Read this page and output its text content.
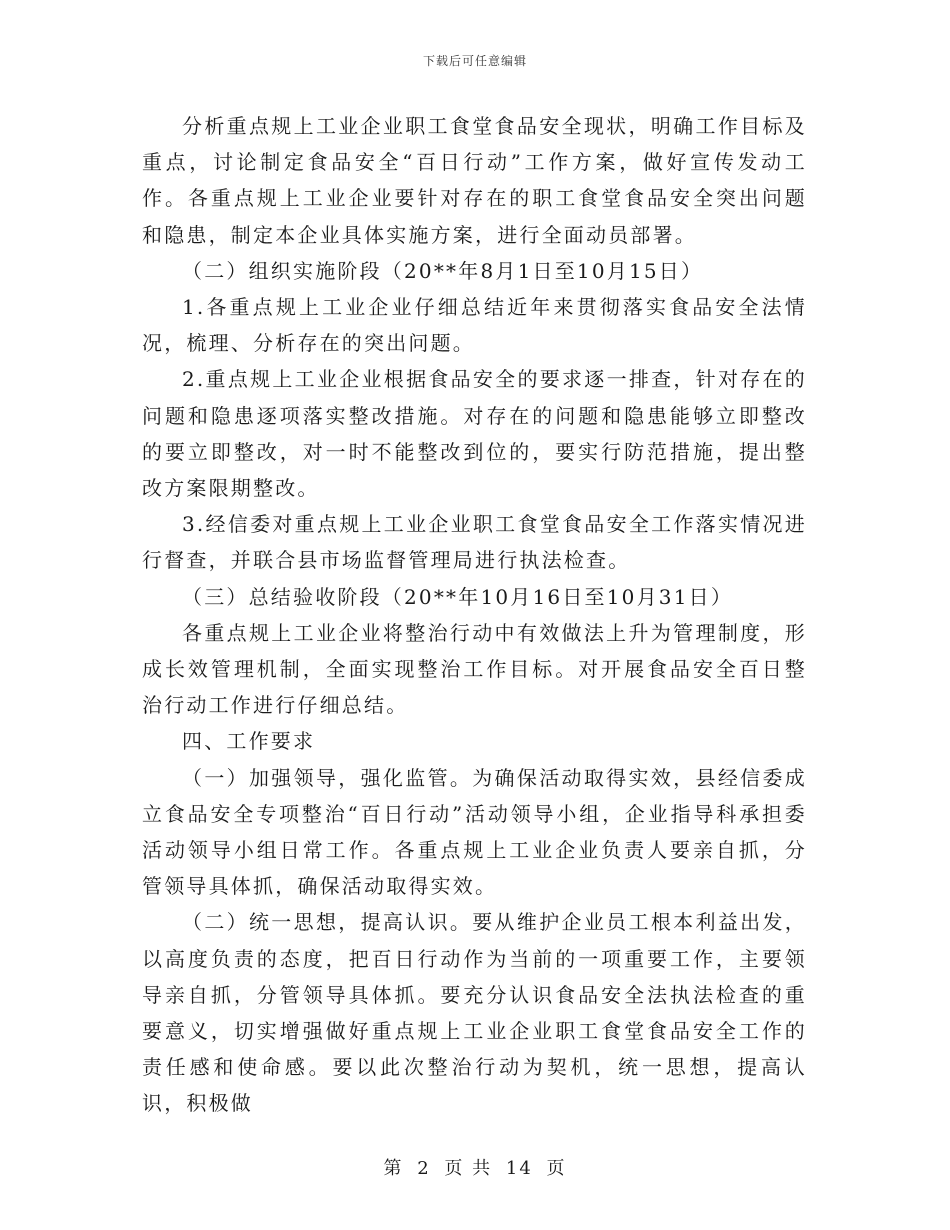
下载后可任意编辑

分析重点规上工业企业职工食堂食品安全现状，明确工作目标及重点，讨论制定食品安全“百日行动”工作方案，做好宣传发动工作。各重点规上工业企业要针对存在的职工食堂食品安全突出问题和隐患，制定本企业具体实施方案，进行全面动员部署。

（二）组织实施阶段（20**年8月1日至10月15日）

1.各重点规上工业企业仔细总结近年来贯彻落实食品安全法情况，梳理、分析存在的突出问题。

2.重点规上工业企业根据食品安全的要求逐一排查，针对存在的问题和隐患逐项落实整改措施。对存在的问题和隐患能够立即整改的要立即整改，对一时不能整改到位的，要实行防范措施，提出整改方案限期整改。

3.经信委对重点规上工业企业职工食堂食品安全工作落实情况进行督查，并联合县市场监督管理局进行执法检查。

（三）总结验收阶段（20**年10月16日至10月31日）

各重点规上工业企业将整治行动中有效做法上升为管理制度，形成长效管理机制，全面实现整治工作目标。对开展食品安全百日整治行动工作进行仔细总结。

四、工作要求

（一）加强领导，强化监管。为确保活动取得实效，县经信委成立食品安全专项整治“百日行动”活动领导小组，企业指导科承担委活动领导小组日常工作。各重点规上工业企业负责人要亲自抓，分管领导具体抓，确保活动取得实效。

（二）统一思想，提高认识。要从维护企业员工根本利益出发，以高度负责的态度，把百日行动作为当前的一项重要工作，主要领导亲自抓，分管领导具体抓。要充分认识食品安全法执法检查的重要意义，切实增强做好重点规上工业企业职工食堂食品安全工作的责任感和使命感。要以此次整治行动为契机，统一思想，提高认识，积极做

第 2 页 共 14 页
